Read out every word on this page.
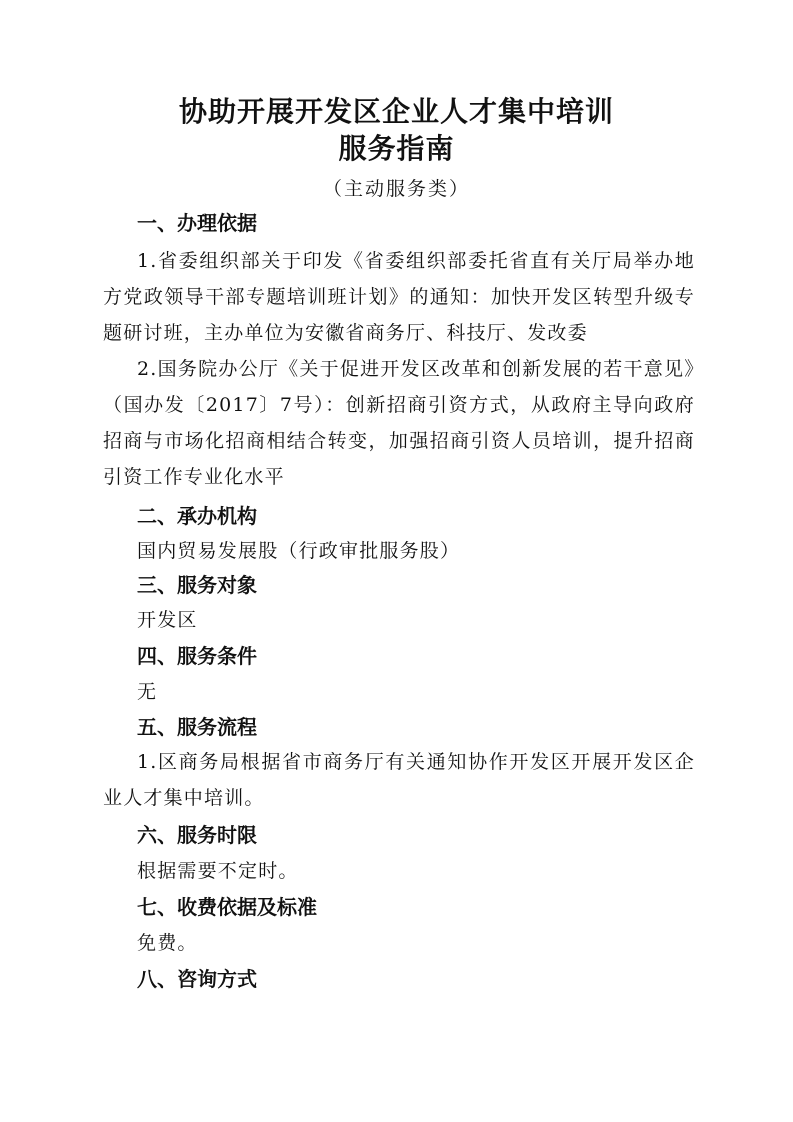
协助开展开发区企业人才集中培训
服务指南
（主动服务类）
一、办理依据
1.省委组织部关于印发《省委组织部委托省直有关厅局举办地方党政领导干部专题培训班计划》的通知：加快开发区转型升级专题研讨班，主办单位为安徽省商务厅、科技厅、发改委
2.国务院办公厅《关于促进开发区改革和创新发展的若干意见》（国办发〔2017〕7号）：创新招商引资方式，从政府主导向政府招商与市场化招商相结合转变，加强招商引资人员培训，提升招商引资工作专业化水平
二、承办机构
国内贸易发展股（行政审批服务股）
三、服务对象
开发区
四、服务条件
无
五、服务流程
1.区商务局根据省市商务厅有关通知协作开发区开展开发区企业人才集中培训。
六、服务时限
根据需要不定时。
七、收费依据及标准
免费。
八、咨询方式
